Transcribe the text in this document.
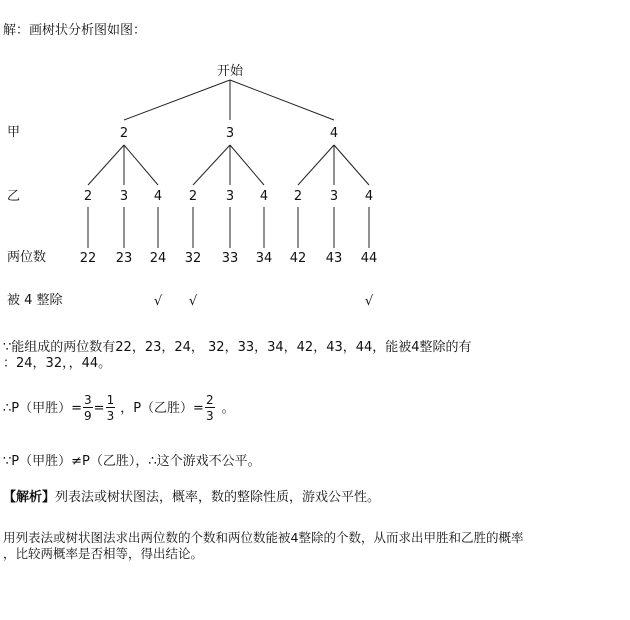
解：画树状分析图如图：
开始
甲
乙
两位数
被 4 整除
2	3	4
2 3 4 2 3 4 2 3 4
22 23 24 32 33 34 42 43 44
√ √	√
∵能组成的两位数有22，23，24， 32，33，34，42，43，44，能被4整除的有
：24，32，，44。
∴P（甲胜）= $\frac{3}{9} = \frac{1}{3}$ ，P（乙胜）= $\frac{2}{3}$ 。
∵P（甲胜）≠P（乙胜），∴这个游戏不公平。
【解析】列表法或树状图法，概率，数的整除性质，游戏公平性。
用列表法或树状图法求出两位数的个数和两位数能被4整除的个数，从而求出甲胜和乙胜的概率
，比较两概率是否相等，得出结论。
